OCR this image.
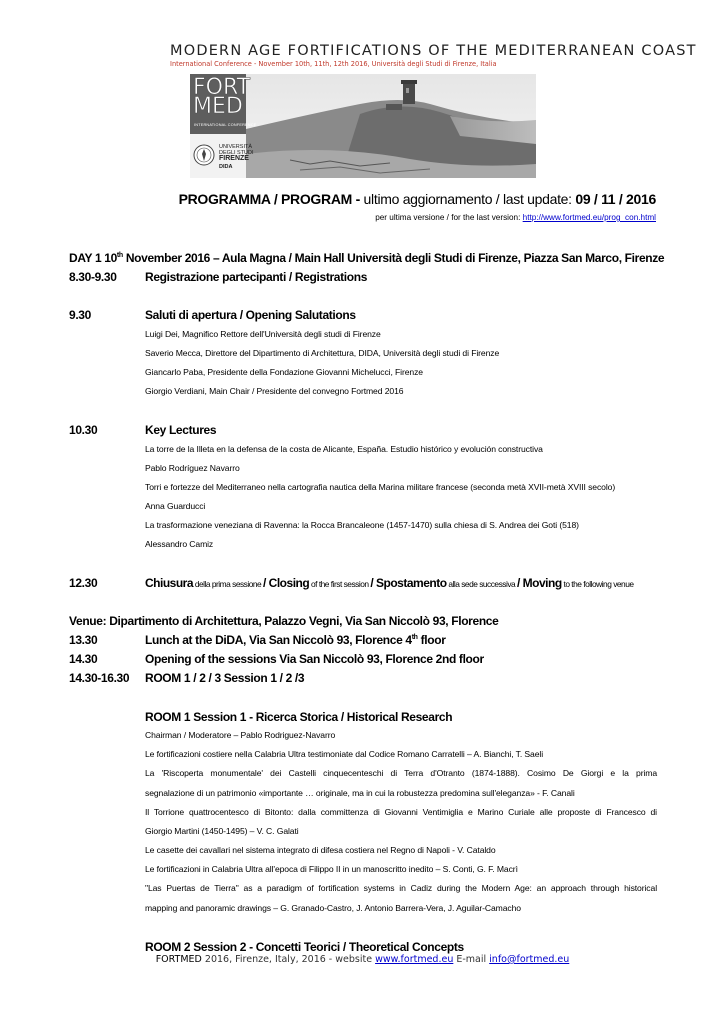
MODERN AGE FORTIFICATIONS OF THE MEDITERRANEAN COAST
International Conference - November 10th, 11th, 12th 2016, Università degli Studi di Firenze, Italia
FORT
MED
INTERNATIONAL CONFERENCE
UNIVERSITÀ
DEGLI STUDI
FIRENZE
DIDA
PROGRAMMA / PROGRAM - ultimo aggiornamento / last update: 09 / 11 / 2016
per ultima versione / for the last version: http://www.fortmed.eu/prog_con.html
DAY 1 10th November 2016 – Aula Magna / Main Hall Università degli Studi di Firenze, Piazza San Marco, Firenze
8.30-9.30 Registrazione partecipanti / Registrations
9.30	Saluti di apertura / Opening Salutations
Luigi Dei, Magnifico Rettore dell'Università degli studi di Firenze
Saverio Mecca, Direttore del Dipartimento di Architettura, DIDA, Università degli studi di Firenze
Giancarlo Paba, Presidente della Fondazione Giovanni Michelucci, Firenze
Giorgio Verdiani, Main Chair / Presidente del convegno Fortmed 2016
10.30	Key Lectures
La torre de la Illeta en la defensa de la costa de Alicante, España. Estudio histórico y evolución constructiva
Pablo Rodríguez Navarro
Torri e fortezze del Mediterraneo nella cartografia nautica della Marina militare francese (seconda metà XVII-metà XVIII secolo)
Anna Guarducci
La trasformazione veneziana di Ravenna: la Rocca Brancaleone (1457-1470) sulla chiesa di S. Andrea dei Goti (518)
Alessandro Camiz
12.30	Chiusura della prima sessione / Closing of the first session / Spostamento alla sede successiva / Moving to the following venue
Venue: Dipartimento di Architettura, Palazzo Vegni, Via San Niccolò 93, Florence
13.30	Lunch at the DiDA, Via San Niccolò 93, Florence 4th floor
14.30	Opening of the sessions Via San Niccolò 93, Florence 2nd floor
14.30-16.30 ROOM 1 / 2 / 3 Session 1 / 2 /3
ROOM 1 Session 1 - Ricerca Storica / Historical Research
Chairman / Moderatore – Pablo Rodriguez-Navarro
Le fortificazioni costiere nella Calabria Ultra testimoniate dal Codice Romano Carratelli – A. Bianchi, T. Saeli
La 'Riscoperta monumentale' dei Castelli cinquecenteschi di Terra d'Otranto (1874-1888). Cosimo De Giorgi e la prima
segnalazione di un patrimonio «importante … originale, ma in cui la robustezza predomina sull'eleganza» - F. Canali
Il Torrione quattrocentesco di Bitonto: dalla committenza di Giovanni Ventimiglia e Marino Curiale alle proposte di Francesco di
Giorgio Martini (1450-1495) – V. C. Galati
Le casette dei cavallari nel sistema integrato di difesa costiera nel Regno di Napoli - V. Cataldo
Le fortificazioni in Calabria Ultra all'epoca di Filippo II in un manoscritto inedito – S. Conti, G. F. Macrì
"Las Puertas de Tierra" as a paradigm of fortification systems in Cadiz during the Modern Age: an approach through historical
mapping and panoramic drawings – G. Granado-Castro, J. Antonio Barrera-Vera, J. Aguilar-Camacho
ROOM 2 Session 2 - Concetti Teorici / Theoretical Concepts
FORTMED 2016, Firenze, Italy, 2016 - website www.fortmed.eu E-mail info@fortmed.eu
